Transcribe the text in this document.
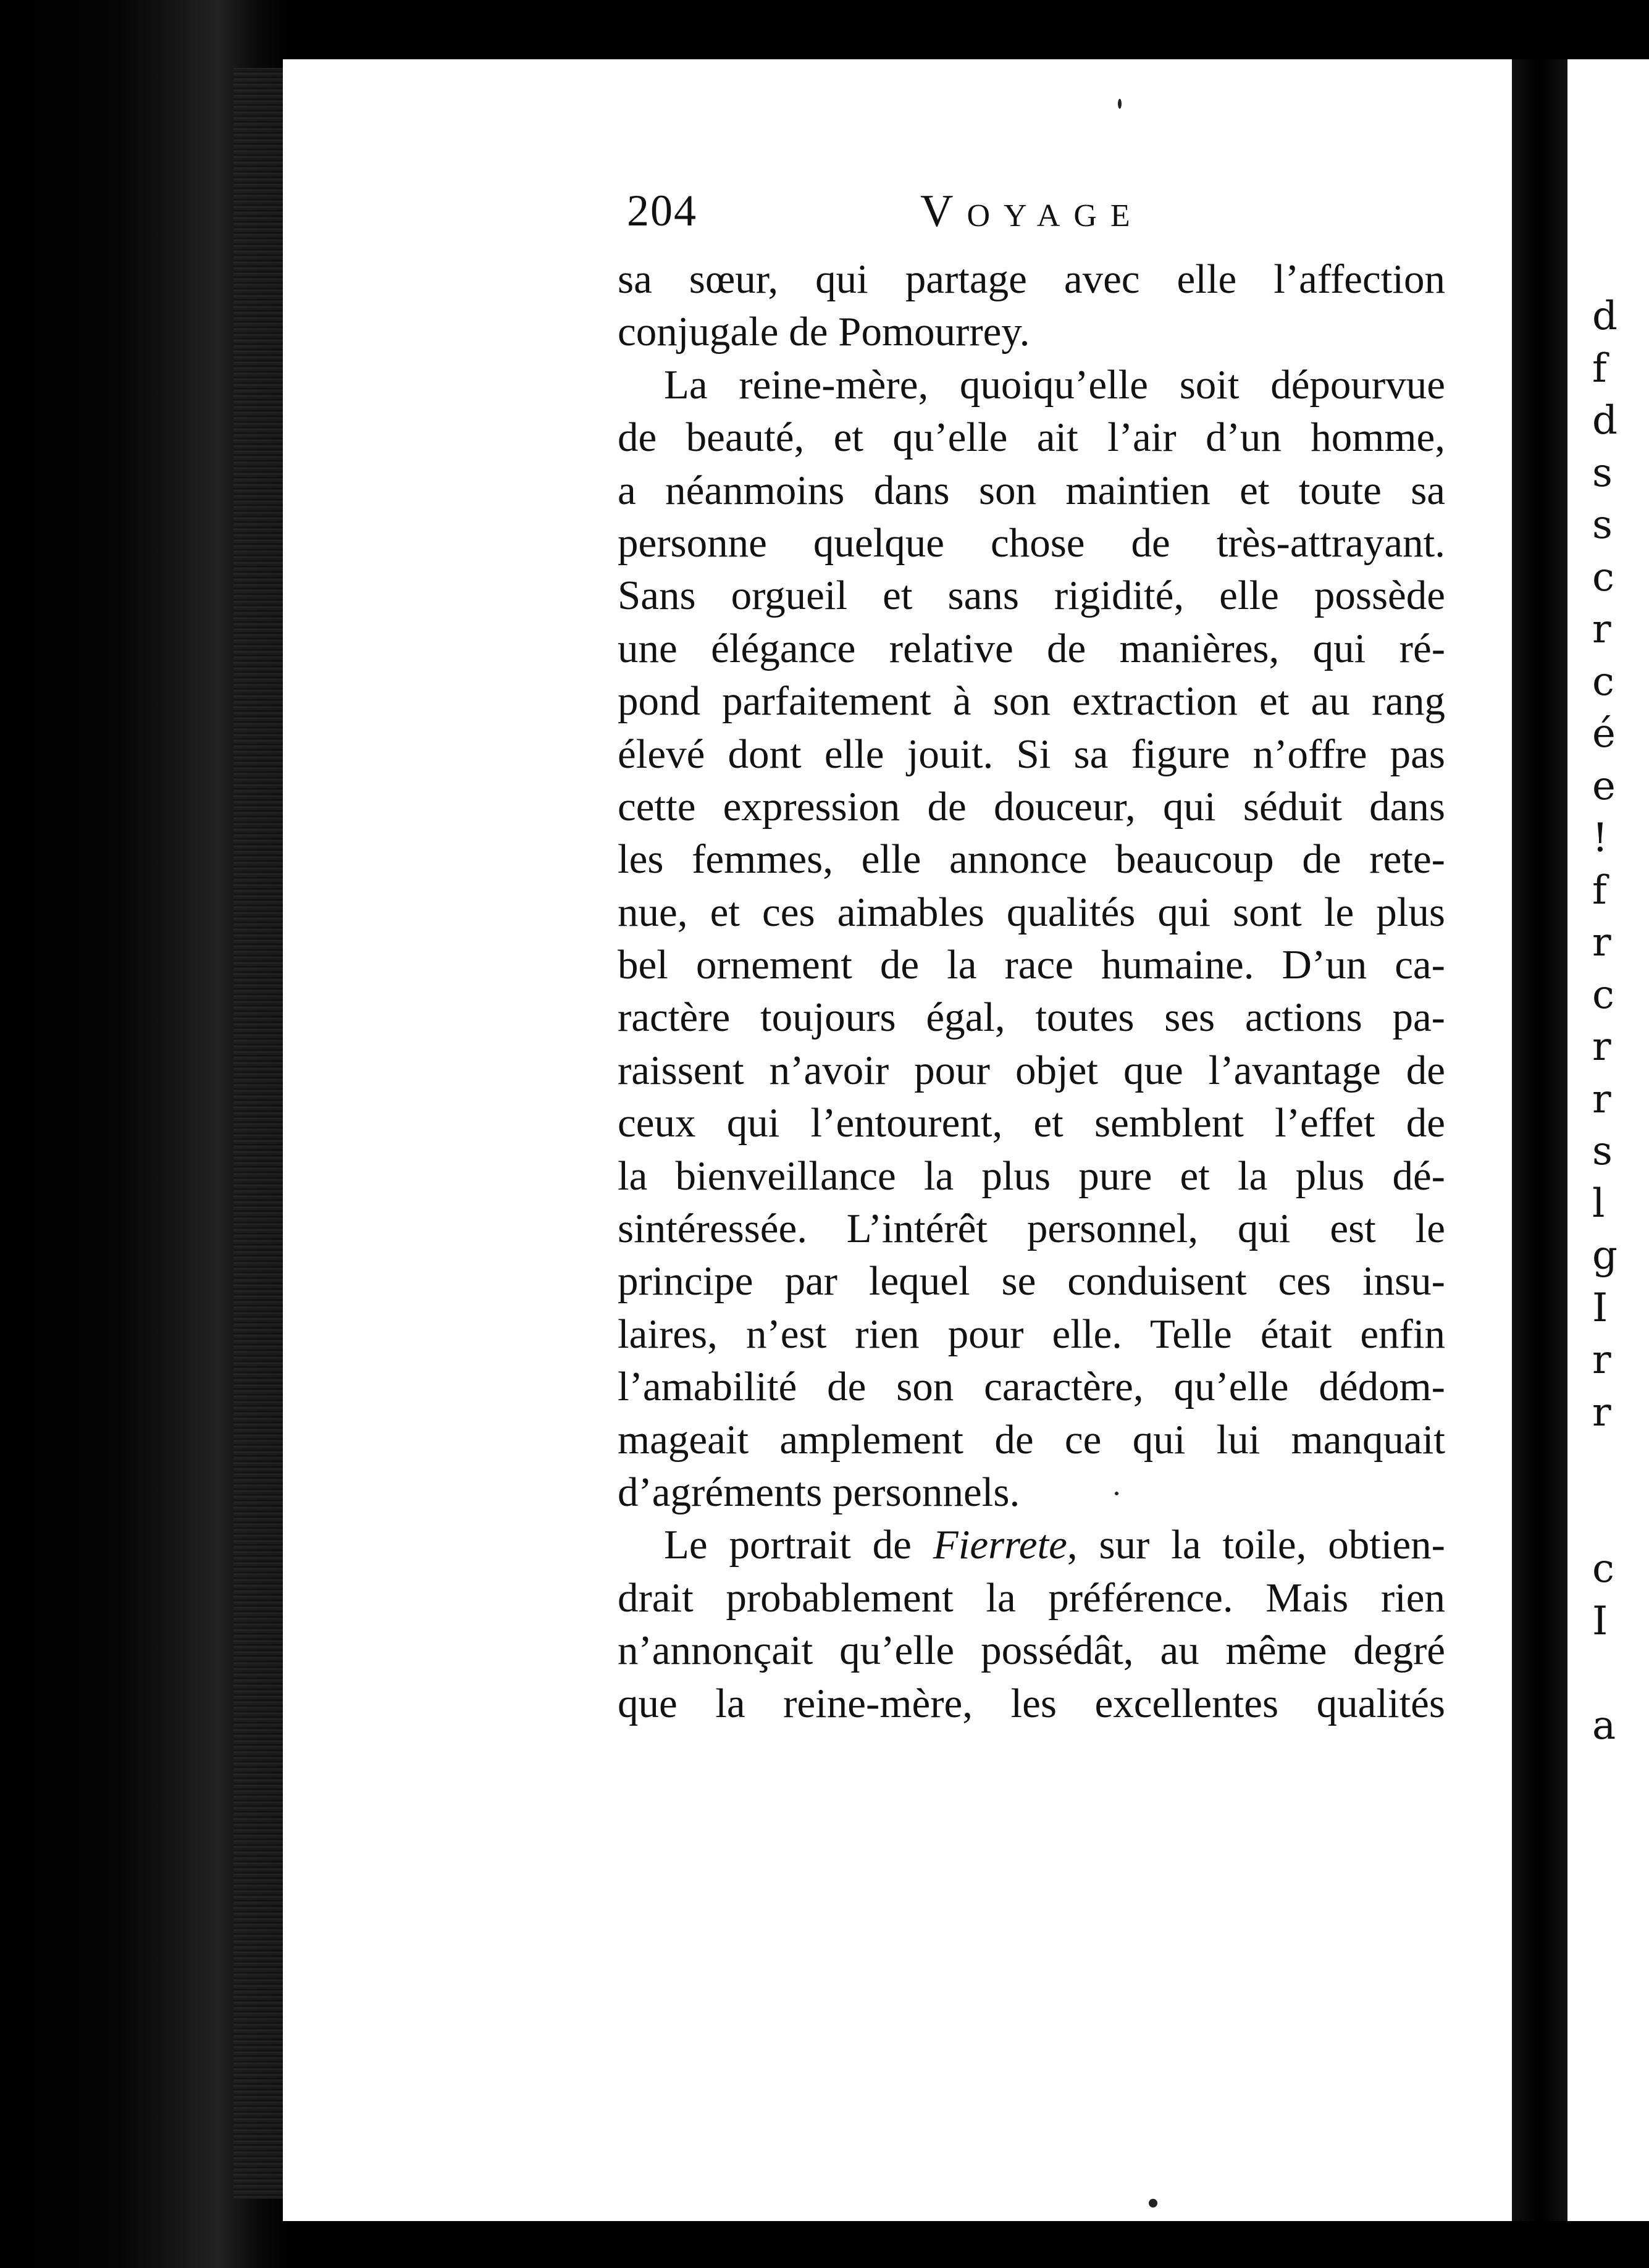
d
f
d
s
s
c
r
c
é
e
!
f
r
c
r
r
s
l
g
I
r
r
c
I
a
204	Voyage
sa sœur, qui partage avec elle l’affection
conjugale de Pomourrey.
La reine-mère, quoiqu’elle soit dépourvue
de beauté, et qu’elle ait l’air d’un homme,
a néanmoins dans son maintien et toute sa
personne quelque chose de très-attrayant.
Sans orgueil et sans rigidité, elle possède
une élégance relative de manières, qui ré-
pond parfaitement à son extraction et au rang
élevé dont elle jouit. Si sa figure n’offre pas
cette expression de douceur, qui séduit dans
les femmes, elle annonce beaucoup de rete-
nue, et ces aimables qualités qui sont le plus
bel ornement de la race humaine. D’un ca-
ractère toujours égal, toutes ses actions pa-
raissent n’avoir pour objet que l’avantage de
ceux qui l’entourent, et semblent l’effet de
la bienveillance la plus pure et la plus dé-
sintéressée. L’intérêt personnel, qui est le
principe par lequel se conduisent ces insu-
laires, n’est rien pour elle. Telle était enfin
l’amabilité de son caractère, qu’elle dédom-
mageait amplement de ce qui lui manquait
d’agréments personnels.
Le portrait de Fierrete, sur la toile, obtien-
drait probablement la préférence. Mais rien
n’annonçait qu’elle possédât, au même degré
que la reine-mère, les excellentes qualités
